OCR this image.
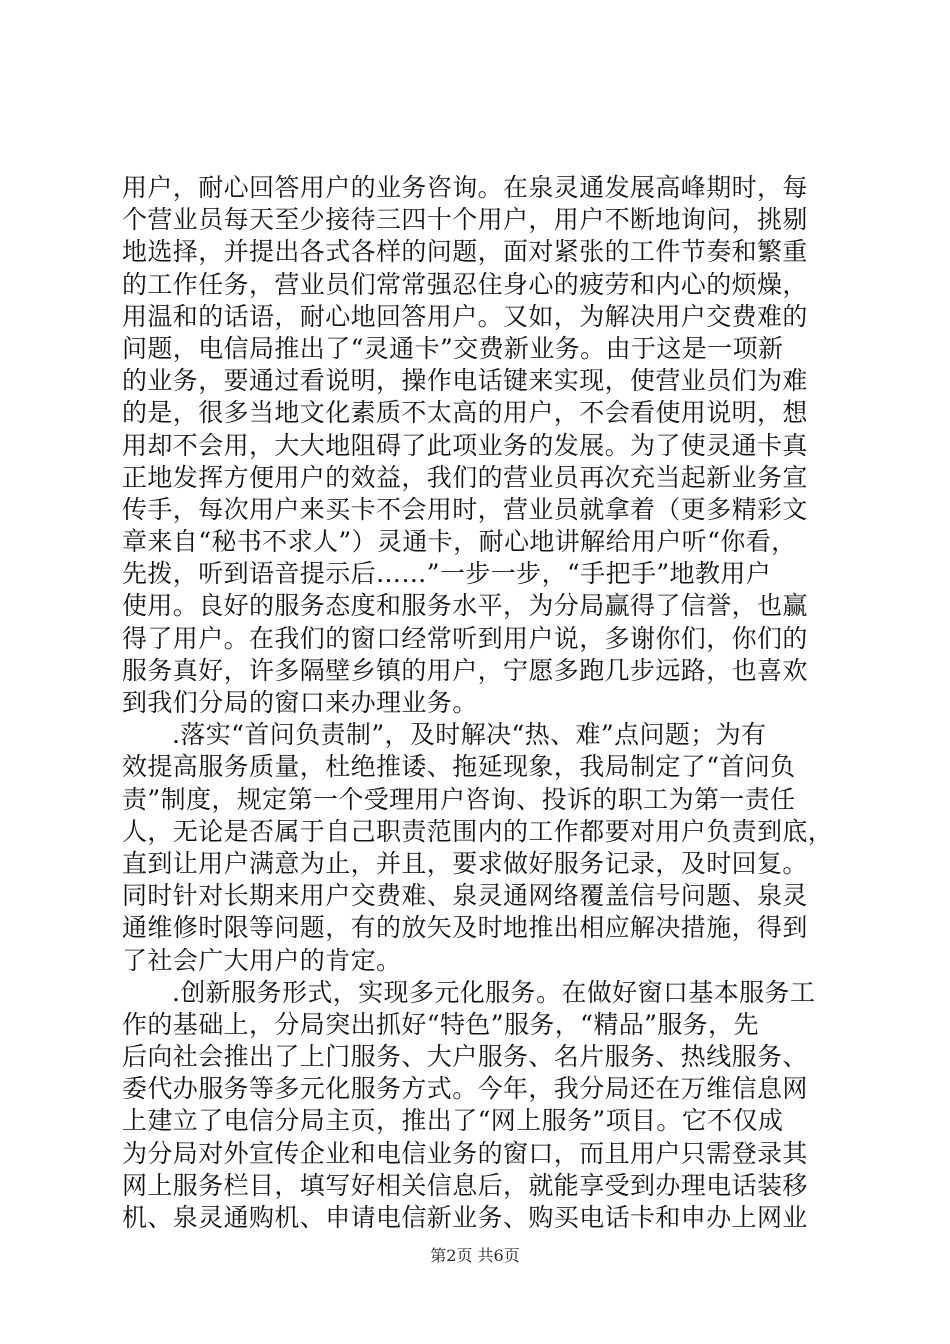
用户，耐心回答用户的业务咨询。在泉灵通发展高峰期时，每
个营业员每天至少接待三四十个用户，用户不断地询问，挑剔
地选择，并提出各式各样的问题，面对紧张的工件节奏和繁重
的工作任务，营业员们常常强忍住身心的疲劳和内心的烦燥，
用温和的话语，耐心地回答用户。又如，为解决用户交费难的
问题，电信局推出了“灵通卡”交费新业务。由于这是一项新
的业务，要通过看说明，操作电话键来实现，使营业员们为难
的是，很多当地文化素质不太高的用户，不会看使用说明，想
用却不会用，大大地阻碍了此项业务的发展。为了使灵通卡真
正地发挥方便用户的效益，我们的营业员再次充当起新业务宣
传手，每次用户来买卡不会用时，营业员就拿着（更多精彩文
章来自“秘书不求人”）灵通卡，耐心地讲解给用户听“你看，
先拨，听到语音提示后……”一步一步，“手把手”地教用户
使用。良好的服务态度和服务水平，为分局赢得了信誉，也赢
得了用户。在我们的窗口经常听到用户说，多谢你们，你们的
服务真好，许多隔壁乡镇的用户，宁愿多跑几步远路，也喜欢
到我们分局的窗口来办理业务。
.落实“首问负责制”，及时解决“热、难”点问题；为有
效提高服务质量，杜绝推诿、拖延现象，我局制定了“首问负
责”制度，规定第一个受理用户咨询、投诉的职工为第一责任
人，无论是否属于自己职责范围内的工作都要对用户负责到底，
直到让用户满意为止，并且，要求做好服务记录，及时回复。
同时针对长期来用户交费难、泉灵通网络覆盖信号问题、泉灵
通维修时限等问题，有的放矢及时地推出相应解决措施，得到
了社会广大用户的肯定。
.创新服务形式，实现多元化服务。在做好窗口基本服务工
作的基础上，分局突出抓好“特色”服务，“精品”服务，先
后向社会推出了上门服务、大户服务、名片服务、热线服务、
委代办服务等多元化服务方式。今年，我分局还在万维信息网
上建立了电信分局主页，推出了“网上服务”项目。它不仅成
为分局对外宣传企业和电信业务的窗口，而且用户只需登录其
网上服务栏目，填写好相关信息后，就能享受到办理电话装移
机、泉灵通购机、申请电信新业务、购买电话卡和申办上网业
第2页 共6页
